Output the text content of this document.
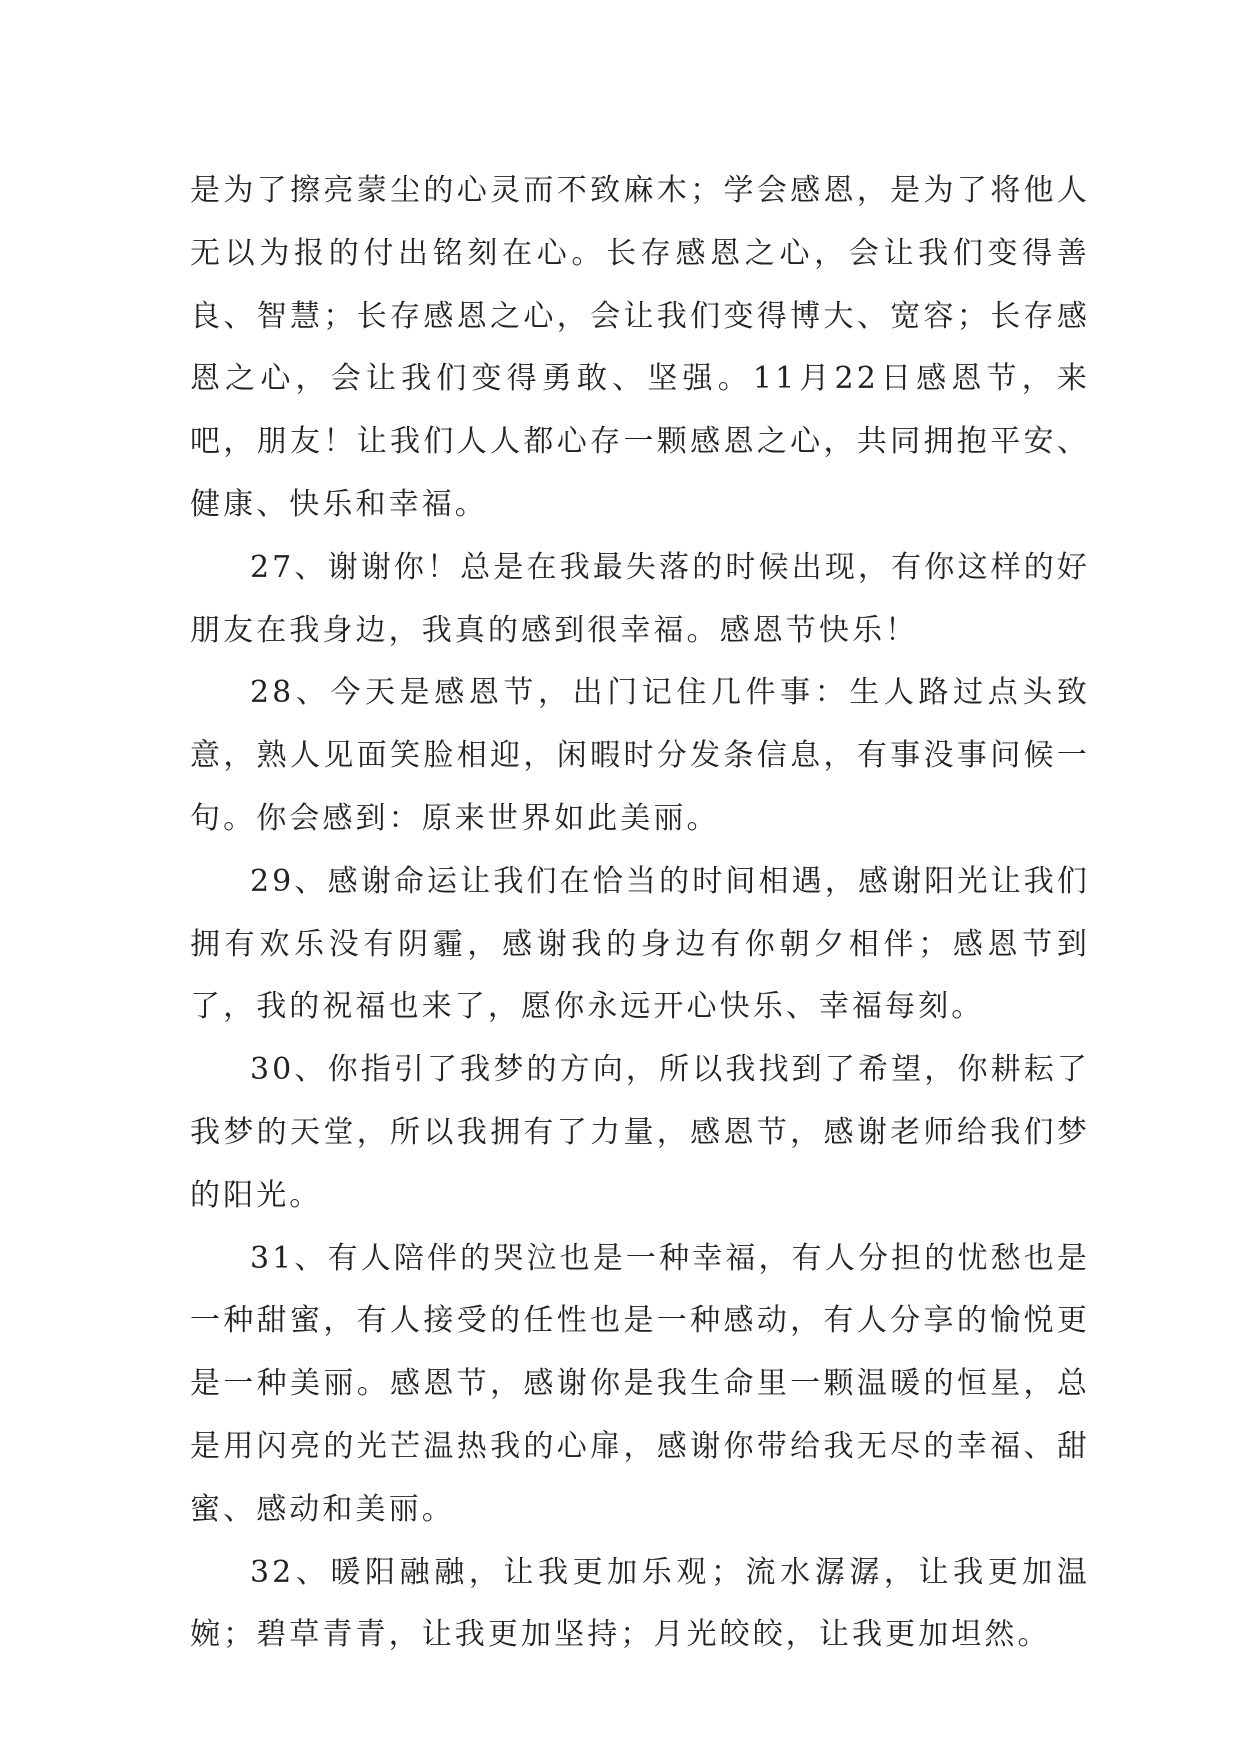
是为了擦亮蒙尘的心灵而不致麻木；学会感恩，是为了将他人无以为报的付出铭刻在心。长存感恩之心，会让我们变得善良、智慧；长存感恩之心，会让我们变得博大、宽容；长存感恩之心，会让我们变得勇敢、坚强。11月22日感恩节，来吧，朋友！让我们人人都心存一颗感恩之心，共同拥抱平安、健康、快乐和幸福。

27、谢谢你！总是在我最失落的时候出现，有你这样的好朋友在我身边，我真的感到很幸福。感恩节快乐！

28、今天是感恩节，出门记住几件事：生人路过点头致意，熟人见面笑脸相迎，闲暇时分发条信息，有事没事问候一句。你会感到：原来世界如此美丽。

29、感谢命运让我们在恰当的时间相遇，感谢阳光让我们拥有欢乐没有阴霾，感谢我的身边有你朝夕相伴；感恩节到了，我的祝福也来了，愿你永远开心快乐、幸福每刻。

30、你指引了我梦的方向，所以我找到了希望，你耕耘了我梦的天堂，所以我拥有了力量，感恩节，感谢老师给我们梦的阳光。

31、有人陪伴的哭泣也是一种幸福，有人分担的忧愁也是一种甜蜜，有人接受的任性也是一种感动，有人分享的愉悦更是一种美丽。感恩节，感谢你是我生命里一颗温暖的恒星，总是用闪亮的光芒温热我的心扉，感谢你带给我无尽的幸福、甜蜜、感动和美丽。

32、暖阳融融，让我更加乐观；流水潺潺，让我更加温婉；碧草青青，让我更加坚持；月光皎皎，让我更加坦然。
